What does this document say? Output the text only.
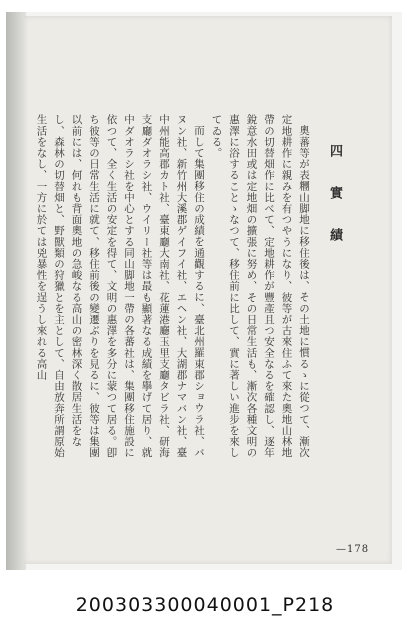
四　實　績

奧蕃等が表糰山脚地に移住後は、その土地に慣るゝに從つて、漸次定地耕作に親みを有つやうになり、彼等が古來住ふて來た奧地山林地帶の切替畑作に比べて、定地耕作が豐產且つ安全なるを確認し、逐年銳意水田或は定地畑の擴張に努め、その日常生活も、漸次各種文明の惠澤に浴することゝなつて、移住前に比して、實に著しい進步を來してゐる。

而して集團移住の成績を通觀するに、臺北州羅東郡ショウラ社、バヌン社、新竹州大溪郡ゲイフイ社、エヘン社、大湖郡ナマバン社、臺中州能高郡カト社、臺東廳大南社、花蓮港廳玉里支廳タビラ社、研海支廳ダオラシ社、ウイリー社等は最も顯著なる成績を擧げて居り、就中ダオラシ社を中心とする同山脚地一帶の各蕃社は、集團移住施設に依つて、全く生活の安定を得て、文明の惠澤を多分に蒙つて居る。卽ち彼等の日常生活に就て、移住前後の變遷ぶりを見るに、彼等は集團以前には、何れも背面奧地の急峻なる高山の密林深く散居生活をなし、森林の切替畑と、野獸類の狩獵とを主として、自由放奔所謂原始生活をなし、一方に於ては兇暴性を逞うし來れる高山

—178
200303300040001_P218
